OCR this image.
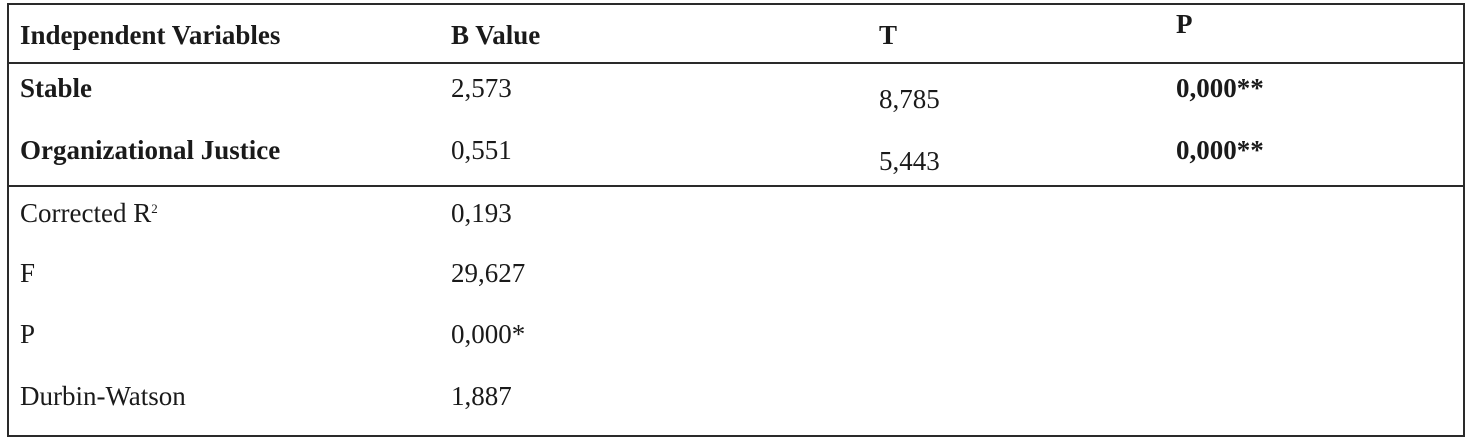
Independent Variables	B Value	T	P
Stable	2,573	8,785	0,000**
Organizational Justice	0,551	5,443	0,000**
Corrected $R^2$	0,193
F	29,627
P	0,000*
Durbin-Watson	1,887
